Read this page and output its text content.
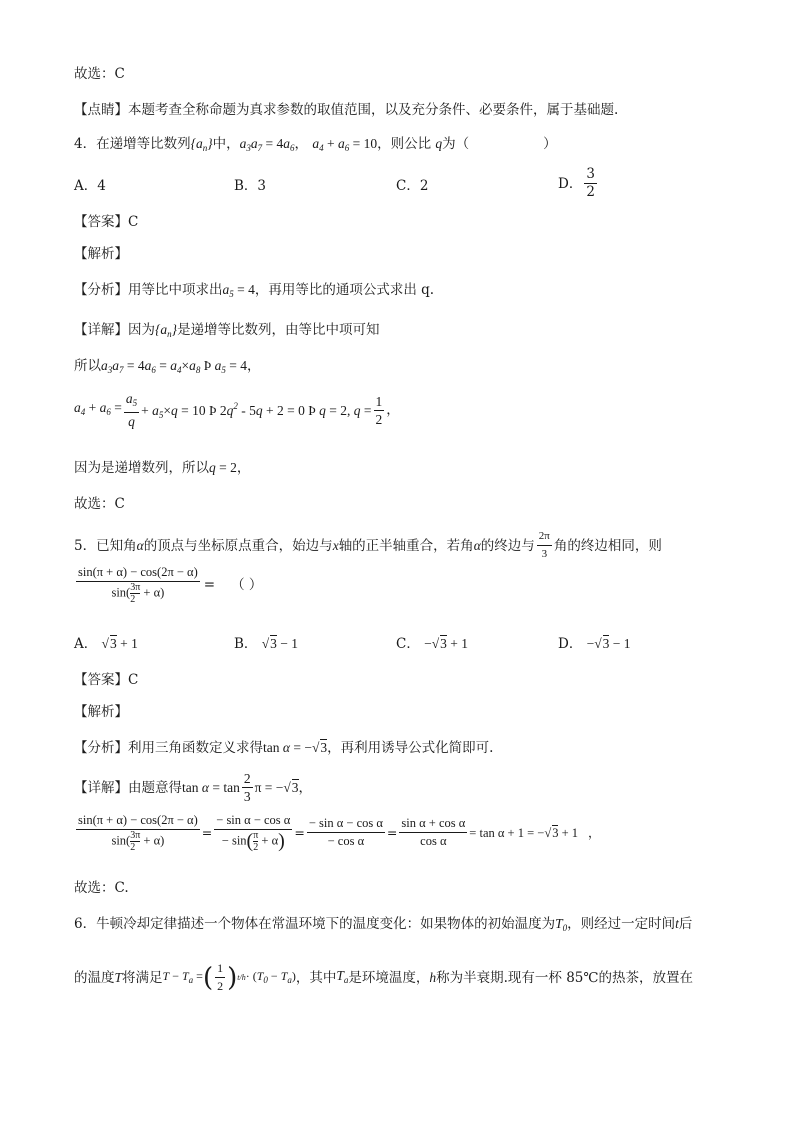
故选：C
【点睛】本题考查全称命题为真求参数的取值范围，以及充分条件、必要条件，属于基础题.
4．在递增等比数列$\{a_n\}$中，$a_3a_7 = 4a_6$， $a_4 + a_6 = 10$，则公比 q为（	）
A．4	B．3	C．2	D． $\frac{3}{2}$
【答案】C
【解析】
【分析】用等比中项求出$a_5 = 4$，再用等比的通项公式求出 q.
【详解】因为$\{a_n\}$是递增等比数列，由等比中项可知
所以$a_3a_7 = 4a_6 = a_4\times a_8$ Þ $a_5 = 4$，
$a_4 + a_6 = \frac{a_5}{q} + a_5\times q = 10$ Þ $2q^2 - 5q + 2 = 0$ Þ q = 2, $q = \frac{1}{2}$ ，
因为是递增数列，所以q = 2，
故选：C
5．已知角 α 的顶点与坐标原点重合，始边与 x 轴的正半轴重合，若角 α 的终边与 $\frac{2\pi}{3}$ 角的终边相同，则
$\frac{\sin(\pi + \alpha) - \cos(2\pi - \alpha)}{\sin( \frac{3\pi}{2} + \alpha)}$ = （ ）
A． √3 + 1	B． √3 − 1	C． −√3 + 1	D． −√3 − 1
【答案】C
【解析】
【分析】利用三角函数定义求得tan α = −√3，再利用诱导公式化简即可.
【详解】由题意得 $\tan \alpha = \tan \frac{2}{3}$ π = −√3 ，
$\frac{\sin(\pi + \alpha) - \cos(2\pi - \alpha)}{\sin( \frac{3\pi}{2} + \alpha)} = \frac{\text{− sin α − cos α}}{- \sin( \frac{\pi}{2} + \alpha)} = \frac{\text{− sin α − cos α}}{\text{− cos α}} = \frac{\text{sin α + cos α}}{\text{cos α}} = \tan \alpha + 1 = -√3 + 1$ ，
故选：C.
6．牛顿冷却定律描述一个物体在常温环境下的温度变化：如果物体的初始温度为$T_0$，则经过一定时间t后
的温度 T 将满足 $T - T_a$ = ( $\frac{1}{2}$ ) $t/h \cdot (T_0 - T_a)$ ，其中 $T_a$ 是环境温度， h 称为半衰期.现有一杯 85℃的热茶，放置在
